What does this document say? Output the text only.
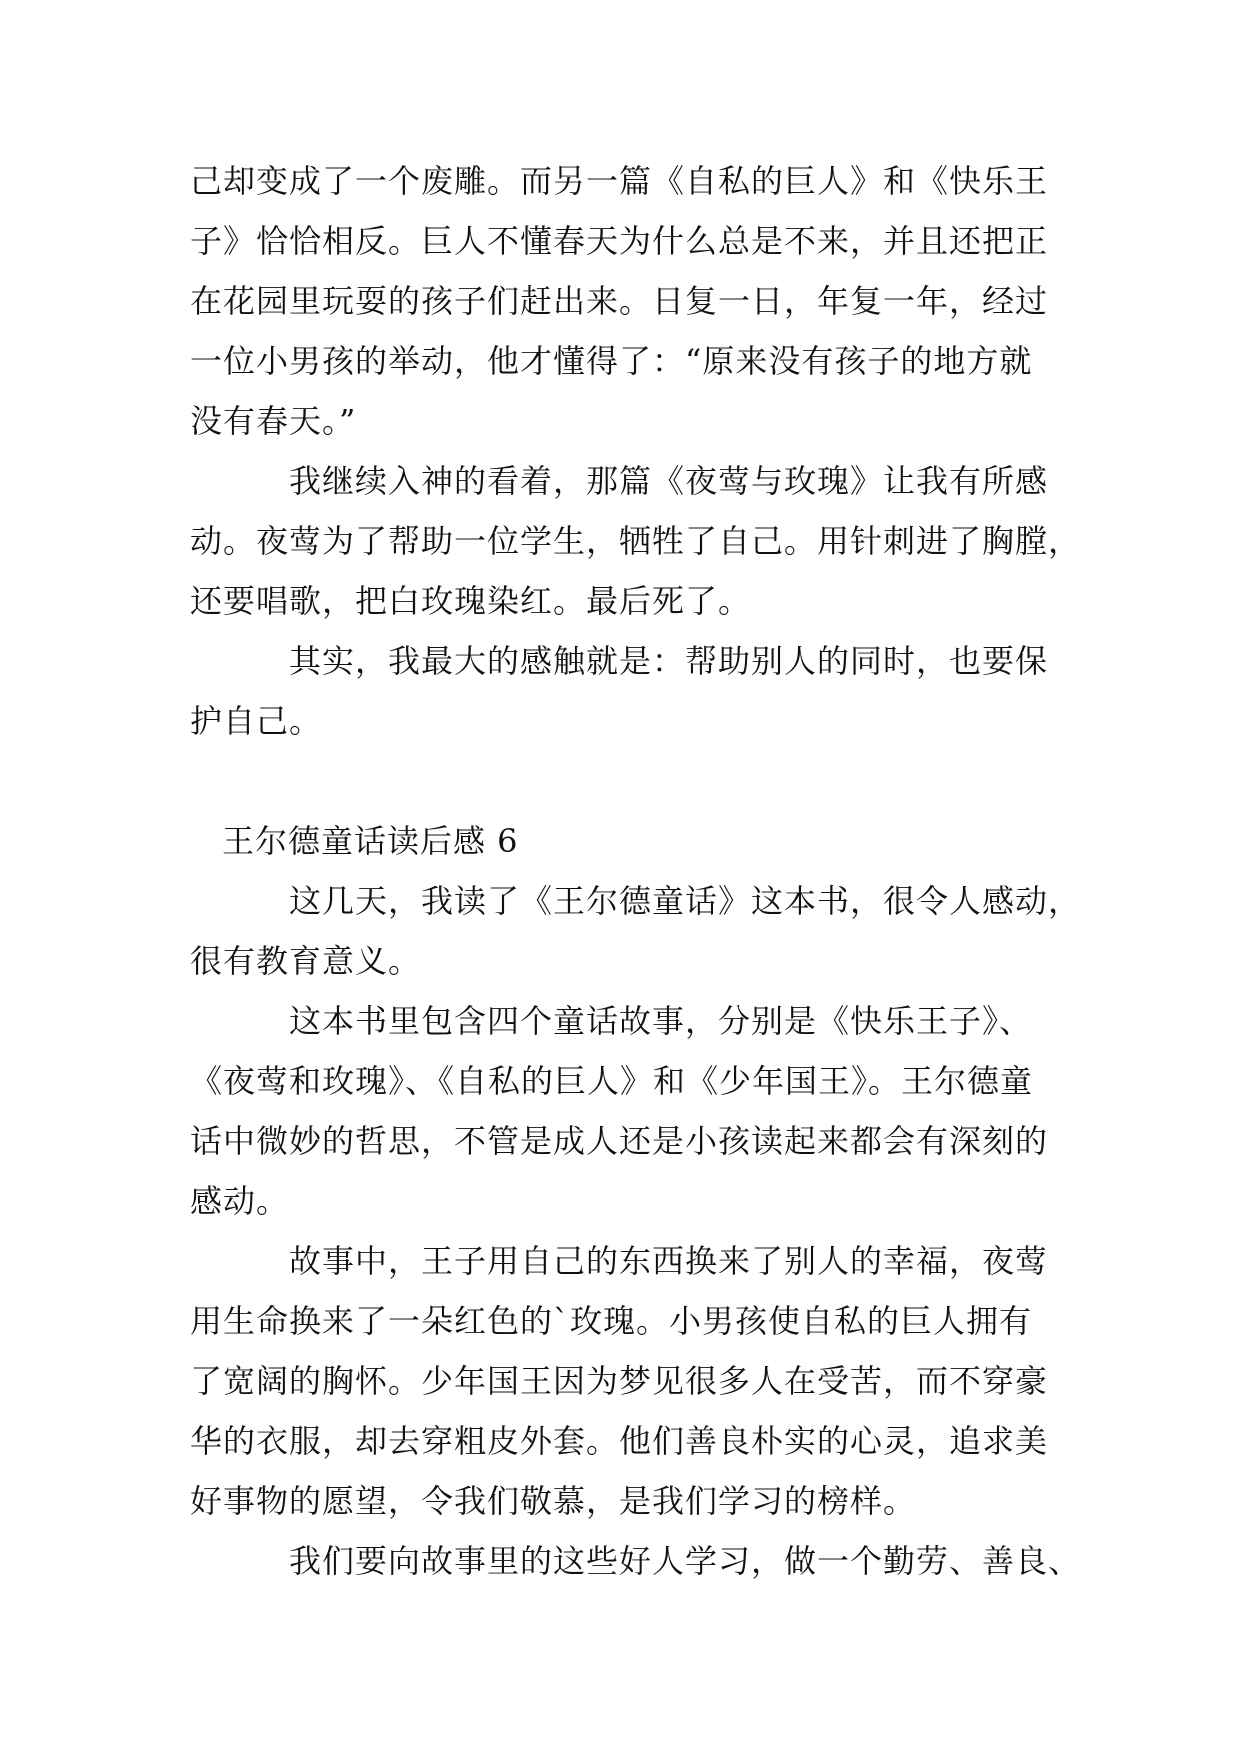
己却变成了一个废雕。而另一篇《自私的巨人》和《快乐王
子》恰恰相反。巨人不懂春天为什么总是不来，并且还把正
在花园里玩耍的孩子们赶出来。日复一日，年复一年，经过
一位小男孩的举动，他才懂得了：“原来没有孩子的地方就
没有春天。”
　　　我继续入神的看着，那篇《夜莺与玫瑰》让我有所感
动。夜莺为了帮助一位学生，牺牲了自己。用针刺进了胸膛，
还要唱歌，把白玫瑰染红。最后死了。
　　　其实，我最大的感触就是：帮助别人的同时，也要保
护自己。
王尔德童话读后感 6
　　　这几天，我读了《王尔德童话》这本书，很令人感动，
很有教育意义。
　　　这本书里包含四个童话故事，分别是《快乐王子》、
《夜莺和玫瑰》、《自私的巨人》和《少年国王》。王尔德童
话中微妙的哲思，不管是成人还是小孩读起来都会有深刻的
感动。
　　　故事中，王子用自己的东西换来了别人的幸福，夜莺
用生命换来了一朵红色的`玫瑰。小男孩使自私的巨人拥有
了宽阔的胸怀。少年国王因为梦见很多人在受苦，而不穿豪
华的衣服，却去穿粗皮外套。他们善良朴实的心灵，追求美
好事物的愿望，令我们敬慕，是我们学习的榜样。
　　　我们要向故事里的这些好人学习，做一个勤劳、善良、
